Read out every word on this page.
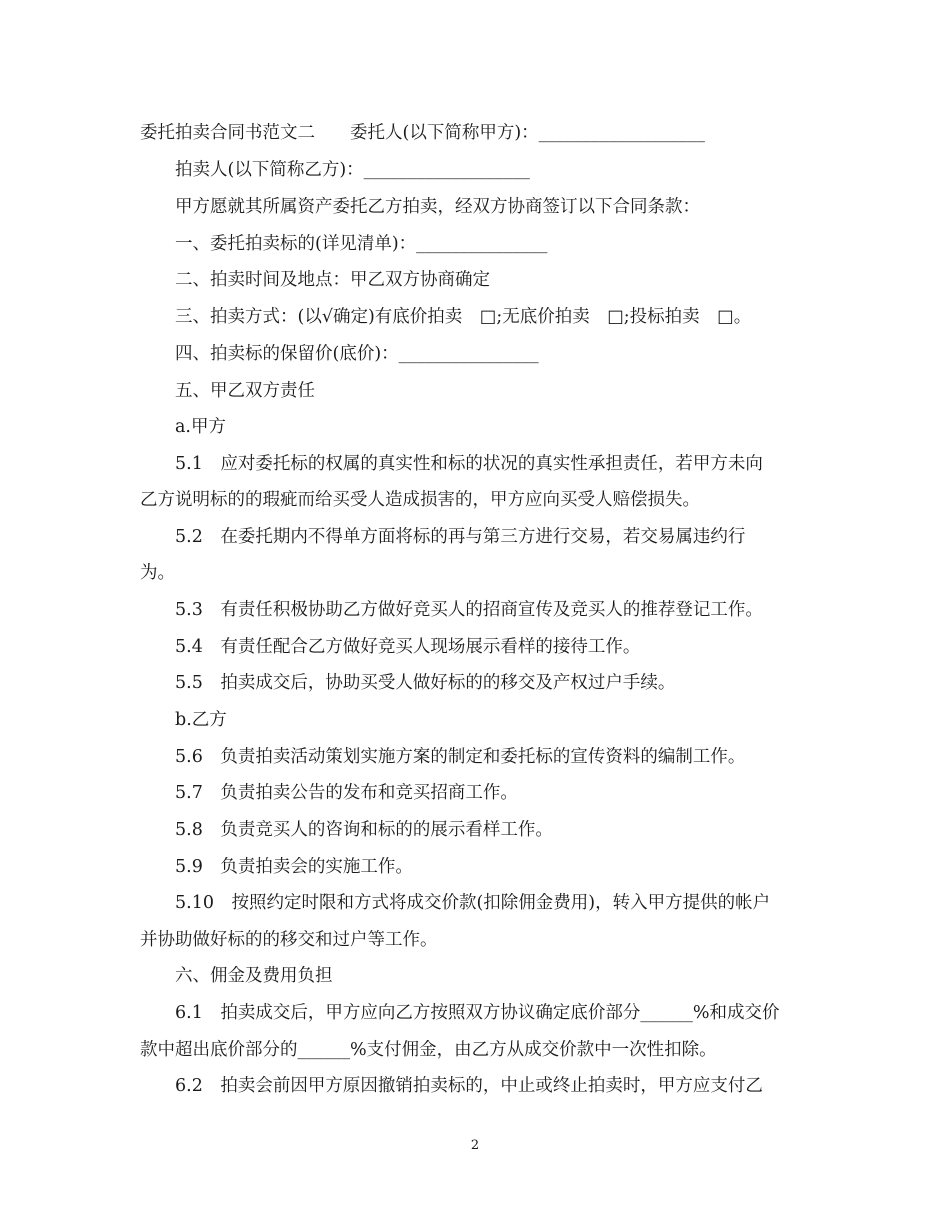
委托拍卖合同书范文二　　委托人(以下简称甲方)：___________________
拍卖人(以下简称乙方)：___________________
甲方愿就其所属资产委托乙方拍卖，经双方协商签订以下合同条款：
一、委托拍卖标的(详见清单)：_______________
二、拍卖时间及地点：甲乙双方协商确定
三、拍卖方式：(以√确定)有底价拍卖　□;无底价拍卖　□;投标拍卖　□。
四、拍卖标的保留价(底价)：________________
五、甲乙双方责任
a.甲方
5.1　应对委托标的权属的真实性和标的状况的真实性承担责任，若甲方未向
乙方说明标的的瑕疵而给买受人造成损害的，甲方应向买受人赔偿损失。
5.2　在委托期内不得单方面将标的再与第三方进行交易，若交易属违约行
为。
5.3　有责任积极协助乙方做好竞买人的招商宣传及竞买人的推荐登记工作。
5.4　有责任配合乙方做好竞买人现场展示看样的接待工作。
5.5　拍卖成交后，协助买受人做好标的的移交及产权过户手续。
b.乙方
5.6　负责拍卖活动策划实施方案的制定和委托标的宣传资料的编制工作。
5.7　负责拍卖公告的发布和竞买招商工作。
5.8　负责竞买人的咨询和标的的展示看样工作。
5.9　负责拍卖会的实施工作。
5.10　按照约定时限和方式将成交价款(扣除佣金费用)，转入甲方提供的帐户
并协助做好标的的移交和过户等工作。
六、佣金及费用负担
6.1　拍卖成交后，甲方应向乙方按照双方协议确定底价部分______%和成交价
款中超出底价部分的______%支付佣金，由乙方从成交价款中一次性扣除。
6.2　拍卖会前因甲方原因撤销拍卖标的，中止或终止拍卖时，甲方应支付乙
2
